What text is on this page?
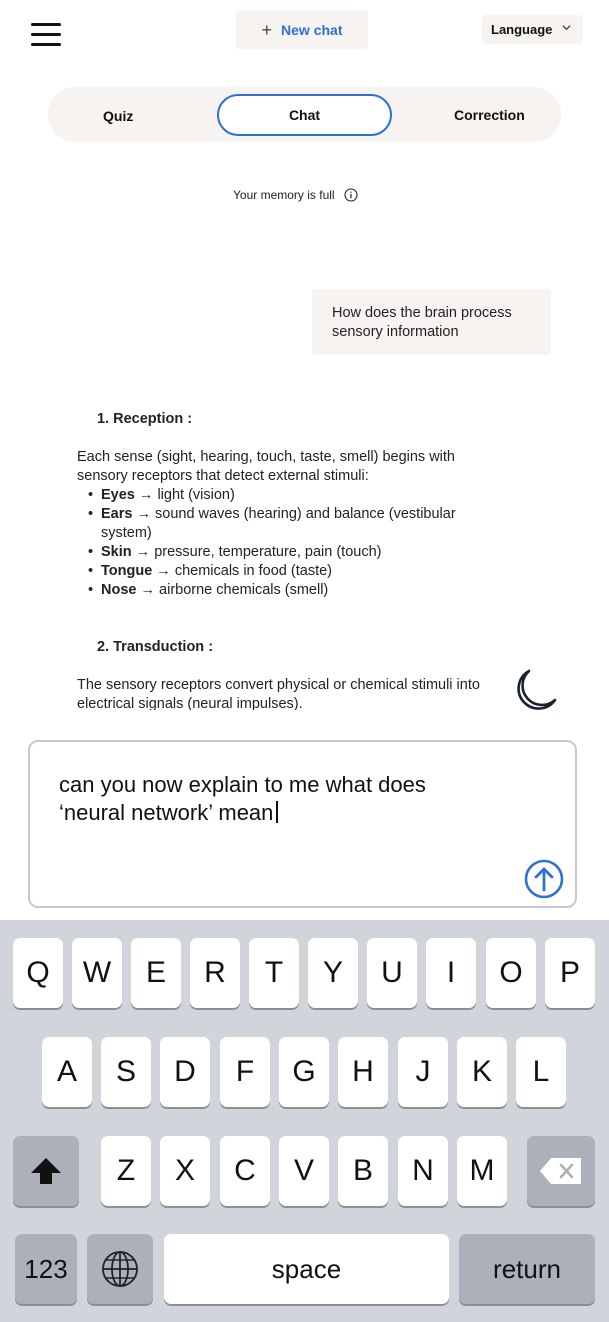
+ New chat	Language
Quiz	Chat	Correction
Your memory is full
How does the brain process sensory information
1. Reception :
Each sense (sight, hearing, touch, taste, smell) begins with sensory receptors that detect external stimuli:
• Eyes → light (vision)
• Ears → sound waves (hearing) and balance (vestibular system)
• Skin → pressure, temperature, pain (touch)
• Tongue → chemicals in food (taste)
• Nose → airborne chemicals (smell)
2. Transduction :
The sensory receptors convert physical or chemical stimuli into electrical signals (neural impulses).
can you now explain to me what does ‘neural network’ mean
Q	W	E	R	T	Y	U	I	O	P
A	S	D	F	G	H	J	K	L
Z	X	C	V	B	N	M
123	space	return
